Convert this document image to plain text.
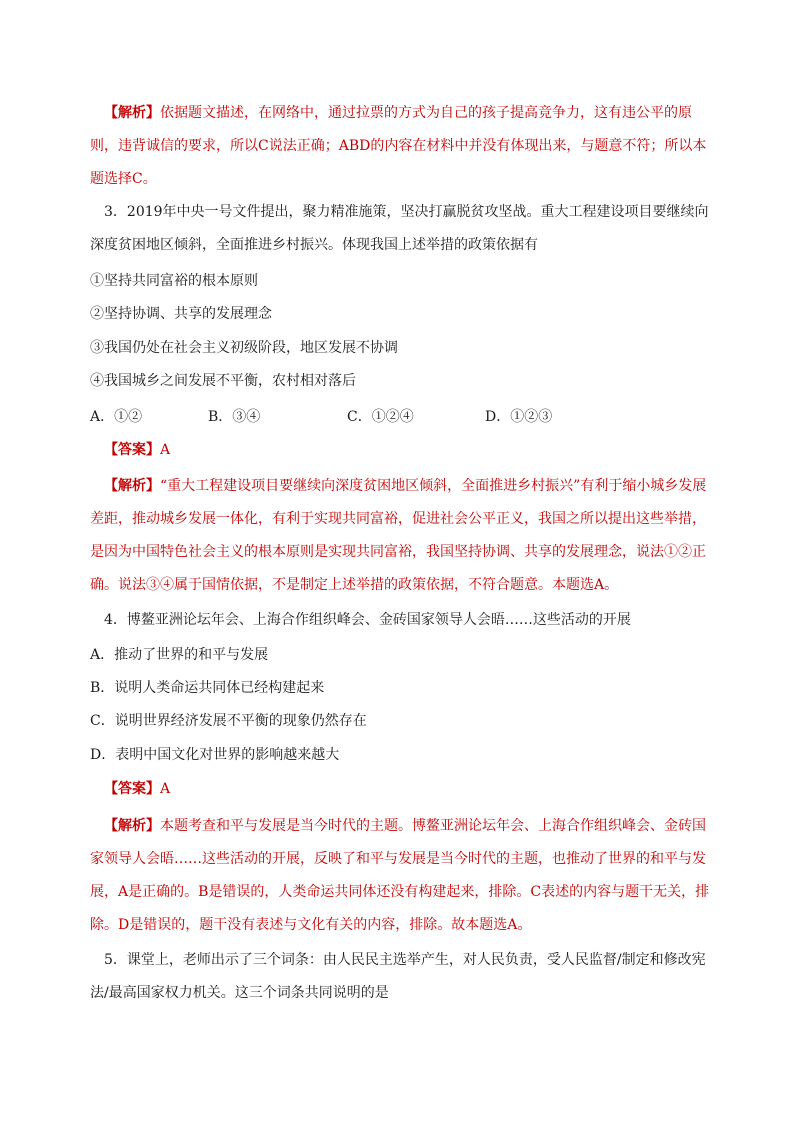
【解析】依据题文描述，在网络中，通过拉票的方式为自己的孩子提高竞争力，这有违公平的原则，违背诚信的要求，所以C说法正确；ABD的内容在材料中并没有体现出来，与题意不符；所以本题选择C。

3．2019年中央一号文件提出，聚力精准施策，坚决打赢脱贫攻坚战。重大工程建设项目要继续向深度贫困地区倾斜，全面推进乡村振兴。体现我国上述举措的政策依据有

①坚持共同富裕的根本原则

②坚持协调、共享的发展理念

③我国仍处在社会主义初级阶段，地区发展不协调

④我国城乡之间发展不平衡，农村相对落后

A．①②	B．③④	C．①②④	D．①②③

【答案】A

【解析】“重大工程建设项目要继续向深度贫困地区倾斜，全面推进乡村振兴”有利于缩小城乡发展差距，推动城乡发展一体化，有利于实现共同富裕，促进社会公平正义，我国之所以提出这些举措，是因为中国特色社会主义的根本原则是实现共同富裕，我国坚持协调、共享的发展理念，说法①②正确。说法③④属于国情依据，不是制定上述举措的政策依据，不符合题意。本题选A。

4．博鳌亚洲论坛年会、上海合作组织峰会、金砖国家领导人会晤……这些活动的开展

A．推动了世界的和平与发展

B．说明人类命运共同体已经构建起来

C．说明世界经济发展不平衡的现象仍然存在

D．表明中国文化对世界的影响越来越大

【答案】A

【解析】本题考查和平与发展是当今时代的主题。博鳌亚洲论坛年会、上海合作组织峰会、金砖国家领导人会晤……这些活动的开展，反映了和平与发展是当今时代的主题，也推动了世界的和平与发展，A是正确的。B是错误的，人类命运共同体还没有构建起来，排除。C表述的内容与题干无关，排除。D是错误的，题干没有表述与文化有关的内容，排除。故本题选A。

5．课堂上，老师出示了三个词条：由人民民主选举产生，对人民负责，受人民监督/制定和修改宪法/最高国家权力机关。这三个词条共同说明的是
